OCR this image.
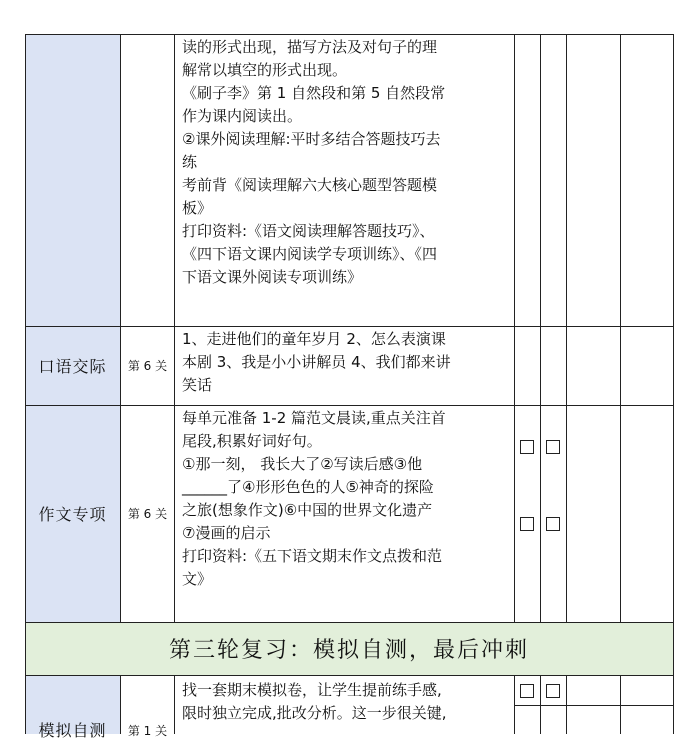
读的形式出现，描写方法及对句子的理
解常以填空的形式出现。
《刷子李》第 1 自然段和第 5 自然段常
作为课内阅读出。
②课外阅读理解:平时多结合答题技巧去
练
考前背《阅读理解六大核心题型答题模
板》
打印资料:《语文阅读理解答题技巧》、
《四下语文课内阅读学专项训练》、《四
下语文课外阅读专项训练》
口语交际	第 6 关
1、走进他们的童年岁月 2、怎么表演课
本剧 3、我是小小讲解员 4、我们都来讲
笑话
作文专项	第 6 关
每单元准备 1-2 篇范文晨读,重点关注首
尾段,积累好词好句。
①那一刻， 我长大了②写读后感③他
______了④形形色色的人⑤神奇的探险
之旅(想象作文)⑥中国的世界文化遗产
⑦漫画的启示
打印资料:《五下语文期末作文点拨和范
文》
第三轮复习：模拟自测，最后冲刺
模拟自测	第 1 关
找一套期末模拟卷，让学生提前练手感,
限时独立完成,批改分析。这一步很关键,
